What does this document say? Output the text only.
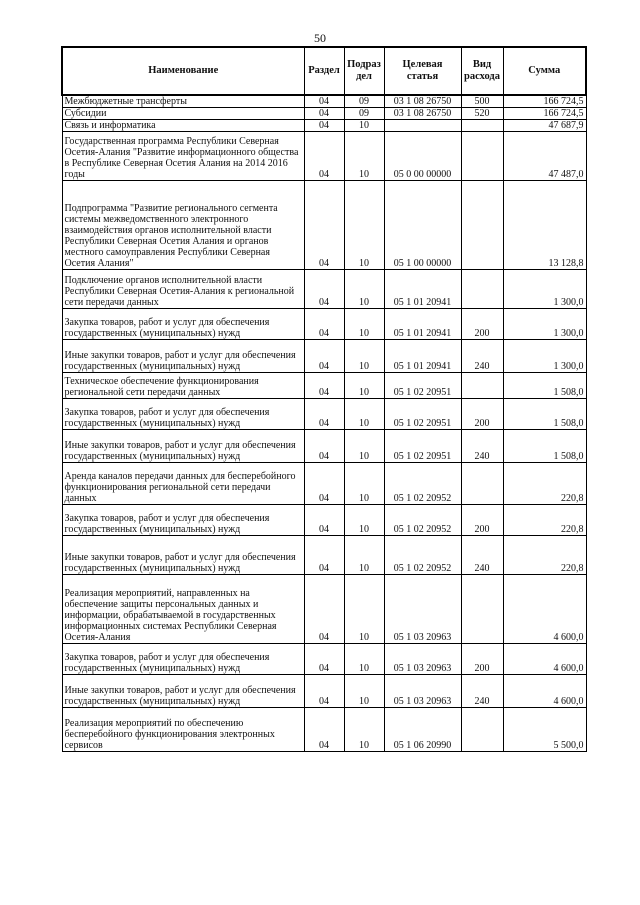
50
Наименование	Раздел	Подраз дел	Целевая статья	Вид расхода	Сумма
Межбюджетные трансферты	04	09	03 1 08 26750	500	166 724,5
Субсидии	04	09	03 1 08 26750	520	166 724,5
Связь и информатика	04	10			47 687,9
Государственная программа Республики Северная Осетия-Алания "Развитие информационного общества в Республике Северная Осетия Алания на 2014 2016 годы	04	10	05 0 00 00000		47 487,0
Подпрограмма "Развитие регионального сегмента системы межведомственного электронного взаимодействия органов исполнительной власти Республики Северная Осетия Алания и органов местного самоуправления Республики Северная Осетия Алания"	04	10	05 1 00 00000		13 128,8
Подключение органов исполнительной власти Республики Северная Осетия-Алания к региональной сети передачи данных	04	10	05 1 01 20941		1 300,0
Закупка товаров, работ и услуг для обеспечения государственных (муниципальных) нужд	04	10	05 1 01 20941	200	1 300,0
Иные закупки товаров, работ и услуг для обеспечения государственных (муниципальных) нужд	04	10	05 1 01 20941	240	1 300,0
Техническое обеспечение функционирования региональной сети передачи данных	04	10	05 1 02 20951		1 508,0
Закупка товаров, работ и услуг для обеспечения государственных (муниципальных) нужд	04	10	05 1 02 20951	200	1 508,0
Иные закупки товаров, работ и услуг для обеспечения государственных (муниципальных) нужд	04	10	05 1 02 20951	240	1 508,0
Аренда каналов передачи данных для бесперебойного функционирования региональной сети передачи данных	04	10	05 1 02 20952		220,8
Закупка товаров, работ и услуг для обеспечения государственных (муниципальных) нужд	04	10	05 1 02 20952	200	220,8
Иные закупки товаров, работ и услуг для обеспечения государственных (муниципальных) нужд	04	10	05 1 02 20952	240	220,8
Реализация мероприятий, направленных на обеспечение защиты персональных данных и информации, обрабатываемой в государственных информационных системах Республики Северная Осетия-Алания	04	10	05 1 03 20963		4 600,0
Закупка товаров, работ и услуг для обеспечения государственных (муниципальных) нужд	04	10	05 1 03 20963	200	4 600,0
Иные закупки товаров, работ и услуг для обеспечения государственных (муниципальных) нужд	04	10	05 1 03 20963	240	4 600,0
Реализация мероприятий по обеспечению бесперебойного функционирования электронных сервисов	04	10	05 1 06 20990		5 500,0
